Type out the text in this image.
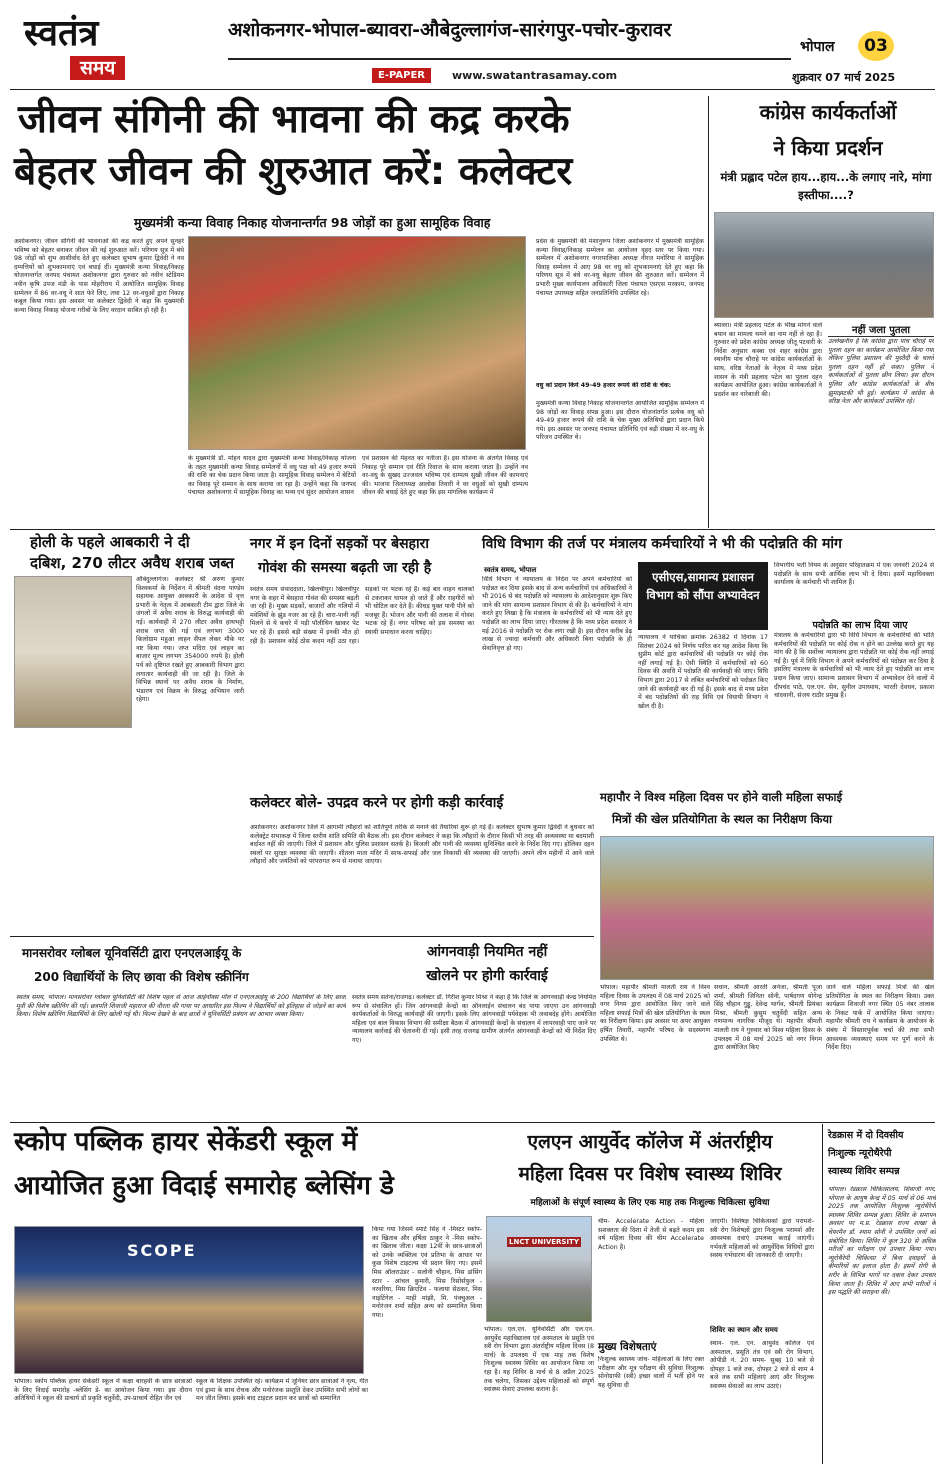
स्वतंत्र
समय
अशोकनगर-भोपाल-ब्यावरा-औबेदुल्लागंज-सारंगपुर-पचोर-कुरावर
E-PAPER	www.swatantrasamay.com
भोपाल	03
शुक्रवार 07 मार्च 2025
जीवन संगिनी की भावना की कद्र करके
बेहतर जीवन की शुरुआत करें: कलेक्टर
मुख्यमंत्री कन्या विवाह निकाह योजनान्तर्गत 98 जोड़ों का हुआ सामूहिक विवाह
अशोकनगर। जीवन संगिनी की भावनाओं की कद्र करते हुए अपने सुनहरे भविष्य को बेहतर बनाकर जीवन की नई शुरुआत करें। परिणय सूत्र में बंधे 98 जोड़ों को शुभ आशीर्वाद देते हुए कलेक्टर सुभाष कुमार द्विवेदी ने नव दम्पत्तियों को शुभकामनाएं एवं बधाई दीं। मुख्यमंत्री कन्या विवाह/निकाह योजनान्तर्गत जनपद पंचायत अशोकनगर द्वारा गुरुवार को नवीन स्टेडियम नवीन कृषि उपज मंडी के पास मोहरीराय में आयोजित सामूहिक विवाह सम्मेलन में 86 वर-वधू ने सात फेरे लिए, तथा 12 वर-वधुओं द्वारा निकाह कबूल किया गया। इस अवसर पर कलेक्टर द्विवेदी ने कहा कि मुख्यमंत्री कन्या विवाह निकाह योजना गरीबों के लिए वरदान साबित हो रही है।
के मुख्यमंत्री डॉ. मोहन यादव द्वारा मुख्यमंत्री कन्या विवाह/निकाह योजना के तहत मुख्यमंत्री कन्या विवाह सम्मेलनों में वधु पक्ष को 49 हजार रूपये की राशि का चेक प्रदान किया जाता है। सामूहिक विवाह सम्मेलन में बेटियों का विवाह पूरे सम्मान के साथ कराया जा रहा है। उन्होंने कहा कि जनपद पंचायत अशोकनगर में सामूहिक विवाह का भव्य एवं सुंदर आयोजन शासन
एवं प्रशासन की मेहनत का नतीजा है। इस योजना के अंतर्गत विवाह एवं निकाह पूरे सम्मान एवं रीति रिवाज के साथ कराया जाता है। उन्होंने नव वर-वधु के सुखद उज्जवल भविष्य एवं दाम्पत्य सुखी जीवन की कामनाएं की। भाजपा जिलाध्यक्ष आलोक तिवारी ने वर वधुओं को सुखी दाम्पत्य जीवन की बधाई देते हुए कहा कि इस मांगलिक कार्यक्रम में
प्रदेश के मुख्यमंत्री की मंशानुरूप जिला अशोकनगर में मुख्यमंत्री सामूहिक कन्या विवाह/निकाह सम्मेलन का आयोजन वृहद स्तर पर किया गया। सम्मेलन में अशोकनगर नगरपालिका अध्यक्ष नीरज मनोरिया ने सामूहिक विवाह सम्मेलन में आए 98 वर वधु को शुभकामनाएं देते हुए कहा कि परिणय सूत्र में बंधे वर-वधु बेहतर जीवन की शुरुआत करें। सम्मेलन में प्रभारी मुख्य कार्यपालन अधिकारी जिला पंचायत एसएस मरकाम, जनपद पंचायत उपाध्यक्ष सहित जनप्रतिनिधि उपस्थित रहे।
वधु को प्रदान किये 49-49 हजार रूपये की राशि के चेक:
मुख्यमंत्री कन्या विवाह निकाह योजनान्तर्गत आयोजित सामूहिक सम्मेलन में 98 जोड़ों का विवाह संपन्न हुआ। इस दौरान योजनांतर्गत प्रत्येक वधु को 49-49 हजार रूपये की राशि के चेक मुख्य अतिथियों द्वारा प्रदान किये गये। इस अवसर पर जनपद पंचायत प्रतिनिधि एवं बड़ी संख्या में वर-वधु के परिजन उपस्थित थे।
कांग्रेस कार्यकर्ताओं
ने किया प्रदर्शन
मंत्री प्रह्लाद पटेल हाय...हाय...के लगाए नारे, मांगा इस्तीफा....?
ब्यावरा। मंत्री प्रहलाद पटेल के भीख मांगने वाले बयान का मामला थमने का नाम नहीं ले रहा है। गुरुवार को प्रदेश कांग्रेस अध्यक्ष जीतू पटवारी के निर्देश अनुसार कस्बा एवं शहर कांग्रेस द्वारा स्थानीय पांच चौराहे पर कांग्रेस कार्यकर्ताओं के साथ, वरिष्ठ नेताओं के नेतृत्व में मध्य प्रदेश शासन के मंत्री प्रहलाद पटेल का पुतला दहन कार्यक्रम आयोजित हुआ। कांग्रेस कार्यकर्ताओं ने प्रदर्शन कर नारेबाजी की।
नहीं जला पुतला
उल्लेखनीय है कि कांग्रेस द्वारा पांच चौराहे पर पुतला दहन का कार्यक्रम आयोजित किया गया लेकिन पुलिस प्रशासन की मुस्तैदी के चलते पुतला दहन नहीं हो सका। पुलिस ने कार्यकर्ताओं से पुतला छीन लिया। इस दौरान पुलिस और कांग्रेस कार्यकर्ताओं के बीच झूमाझटकी भी हुई। कार्यक्रम में कांग्रेस के वरिष्ठ नेता और कार्यकर्ता उपस्थित रहे।
होली के पहले आबकारी ने दी
दबिश, 270 लीटर अवैध शराब जब्त
औबेदुल्लागंज। कलेक्टर श्री अरुण कुमार विश्वकर्मा के निर्देशन में श्रीमती वंदना पाण्डेय सहायक आयुक्त आबकारी के आदेश से वृत्त प्रभारी के नेतृत्व में आबकारी टीम द्वारा जिले के जंगलों में अवैध शराब के विरुद्ध कार्यवाही की गई। कार्यवाही में 270 लीटर अवैध हाथभट्टी शराब जप्त की गई एवं लगभग 3000 किलोग्राम महुआ लाहन सैंपल लेकर मौके पर नष्ट किया गया। जप्त मदिरा एवं लाहन का बाजार मूल्य लगभग 354000 रुपये है। होली पर्व को दृष्टिगत रखते हुए आबकारी विभाग द्वारा लगातार कार्यवाही की जा रही है। जिले के विभिन्न स्थानों पर अवैध शराब के निर्माण, भंडारण एवं विक्रय के विरुद्ध अभियान जारी रहेगा।
नगर में इन दिनों सड़कों पर बेसहारा
गोवंश की समस्या बढ़ती जा रही है
स्वतंत्र समय संवाददाता, खिलचीपुर। खिलचीपुर नगर के शहर में बेसहारा गोवंश की समस्या बढ़ती जा रही है। मुख्य सड़कों, बाजारों और गलियों में मवेशियों के झुंड नजर आ रहे हैं। चारा-पानी नहीं मिलने से ये कचरे में पड़ी पॉलीथिन खाकर पेट भर रहे हैं। इससे बड़ी संख्या में इनकी मौत हो रही है। प्रशासन कोई ठोस कदम नहीं उठा रहा। सड़कों पर भटक रहे हैं। कई बार वाहन चालकों से टकराकर घायल हो जाते हैं और राहगीरों को भी चोटिल कर देते हैं। कीचड़ युक्त पानी पीने को मजबूर हैं। भोजन और पानी की तलाश में गोवंश भटक रहे हैं। नगर परिषद को इस समस्या का स्थायी समाधान करना चाहिए।
विधि विभाग की तर्ज पर मंत्रालय कर्मचारियों ने भी की पदोन्नति की मांग
स्वतंत्र समय, भोपाल
विधि विभाग ने न्यायालय के निर्देश पर अपने कर्मचारियों को पदोन्नत कर दिया इसके बाद से अन्य कर्मचारियों एवं अधिकारियों ने भी 2016 से बंद पदोन्नति को न्यायालय के आदेशानुसार शुरू किए जाने की मांग सामान्य प्रशासन विभाग से की है। कर्मचारियों ने मांग करते हुए लिखा है कि मंत्रालय के कर्मचारियों को भी न्याय देते हुए पदोन्नति का लाभ दिया जाए। गौरतलब है कि मध्य प्रदेश सरकार ने मई 2016 से पदोन्नति पर रोक लगा रखी है। इस दौरान करीब डेढ़ लाख से ज्यादा कर्मचारी और अधिकारी बिना पदोन्नति के ही सेवानिवृत्त हो गए।
एसीएस,सामान्य प्रशासन विभाग को सौंपा अभ्यावेदन
न्यायालय ने याचिका क्रमांक 26382 में दिनांक 17 सितंबर 2024 को निर्णय पारित कर यह आदेश किया कि सुप्रीम कोर्ट द्वारा कर्मचारियों की पदोन्नति पर कोई रोक नहीं लगाई गई है। ऐसी स्थिति में कर्मचारियों को 60 दिवस की अवधि में पदोन्नति की कार्यवाही की जाए। विधि विभाग द्वारा 2017 से लंबित कर्मचारियों को पदोन्नत किए जाने की कार्यवाही कर दी गई है। इसके बाद से मध्य प्रदेश में बंद पदोन्नतियों की राह विधि एवं विधायी विभाग ने खोल दी है।
विभागीय भर्ती नियम के अनुसार परिहातक्रम में एक जनवरी 2024 से पदोन्नति के साथ सभी आर्थिक लाभ भी दे दिया। इसमें महाधिवक्ता कार्यालय के कर्मचारी भी शामिल हैं।
पदोन्नति का लाभ दिया जाए
मंत्रालय के कर्मचारियों द्वारा भी विधि विभाग के कर्मचारियों की भांति कर्मचारियों की पदोन्नति पर कोई रोक न होने का उल्लेख करते हुए यह मांग की है कि सर्वोच्च न्यायालय द्वारा पदोन्नति पर कोई रोक नहीं लगाई गई है। पूर्व में विधि विभाग ने अपने कर्मचारियों को पदोन्नत कर दिया है इसलिए मंत्रालय के कर्मचारियों को भी न्याय देते हुए पदोन्नति का लाभ प्रदान किया जाए। सामान्य प्रशासन विभाग में अभ्यावेदन देने वालों में दीपचंद पाठे, एल.एन. सेन, सुनील उपाध्याय, भारती देवधन, प्रकाश चांदवानी, संजय राठौर प्रमुख हैं।
कलेक्टर बोले- उपद्रव करने पर होगी कड़ी कार्रवाई
अशोकनगर। अशोकनगर जिले में आगामी त्यौहारों को शांतिपूर्ण तरीके से मनाने की तैयारियां शुरू हो गई हैं। कलेक्टर सुभाष कुमार द्विवेदी ने बुधवार को कलेक्ट्रेट सभाकक्ष में जिला स्तरीय शांति समिति की बैठक ली। इस दौरान कलेक्टर ने कहा कि त्यौहारों के दौरान किसी भी तरह की अव्यवस्था या बदमाशी बर्दाश्त नहीं की जाएगी। जिले में प्रशासन और पुलिस प्रशासन सतर्क है। बिजली और पानी की व्यवस्था सुनिश्चित करने के निर्देश दिए गए। होलिका दहन स्थलों पर सुरक्षा व्यवस्था की जाएगी। शीतला माता मंदिर में साफ-सफाई और जल निकासी की व्यवस्था की जाएगी। अपने लीन महीनों में आने वाले त्यौहारों और जयंतियों को परंपरागत रूप से मनाया जाएगा।
महापौर ने विश्व महिला दिवस पर होने वाली महिला सफाई
मित्रों की खेल प्रतियोगिता के स्थल का निरीक्षण किया
भोपाल। महापौर श्रीमती मालती राय ने विश्व महिला दिवस के उपलक्ष्य में 08 मार्च 2025 को नगर निगम द्वारा आयोजित किए जाने वाले महिला सफाई मित्रों की खेल प्रतियोगिता के स्थल का निरीक्षण किया। इस अवसर पर अपर आयुक्त हर्षित तिवारी, महापौर परिषद के सदस्यगण उपस्थित थे।
सचान, श्रीमती आरती अनेजा, श्रीमती पूजा शर्मा, श्रीमती जिनिता सोनी, पार्षदगण योगेन्द्र सिंह चौहान गुड्डू, देवेन्द्र भार्गव, श्रीमती प्रियंका मिश्रा, श्रीमती कुसुम चतुर्वेदी सहित अन्य गणमान्य नागरिक मौजूद थे। महापौर श्रीमती मालती राय ने गुरुवार को विश्व महिला दिवस के उपलक्ष्य में 08 मार्च 2025 को नगर निगम द्वारा आयोजित किए
जाने वाले महिला सफाई मित्रों की खेल प्रतियोगिता के स्थल का निरीक्षण किया। उक्त कार्यक्रम शिवाजी नगर स्थित 05 नंबर तालाब के निकट पार्क में आयोजित किया जाएगा। महापौर श्रीमती राय ने कार्यक्रम के आयोजन के संबंध में विस्तारपूर्वक चर्चा की तथा सभी आवश्यक व्यवस्थाएं समय पर पूर्ण करने के निर्देश दिए।
मानसरोवर ग्लोबल यूनिवर्सिटी द्वारा एनएलआईयू के
200 विद्यार्थियों के लिए छावा की विशेष स्क्रीनिंग
स्वतंत्र समय, भोपाल। मानसरोवर ग्लोबल यूनिवर्सिटी की विशेष पहल से आज आईनॉक्स मॉल में एनएलआईयू के 200 विद्यार्थियों के लिए छावा मूवी की विशेष स्क्रीनिंग की गई। छत्रपति शिवाजी महाराज की वीरता की गाथा पर आधारित इस फिल्म ने विद्यार्थियों को इतिहास से जोड़ने का कार्य किया। विशेष स्क्रीनिंग विद्यार्थियों के लिए खोली गई थी। फिल्म देखने के बाद छात्रों ने यूनिवर्सिटी प्रबंधन का आभार व्यक्त किया।
आंगनवाड़ी नियमित नहीं
खोलने पर होगी कार्रवाई
स्वतंत्र समय सतेना/राजगढ़। कलेक्टर डॉ. गिरीश कुमार मिश्रा ने कहा है कि जिले के आंगनवाड़ी केन्द्र नियमित रूप से संचालित हों। जिन आंगनवाड़ी केन्द्रों का ऑनलाईन संचालन बंद पाया जाएगा उन आंगनवाड़ी कार्यकर्ताओं के विरुद्ध कार्यवाही की जाएगी। इसके लिए आंगनवाड़ी पर्यवेक्षक भी जवाबदेह होंगे। आयोजित महिला एवं बाल विकास विभाग की समीक्षा बैठक में आंगनवाड़ी केन्द्रों के संचालन में लापरवाही पाए जाने पर न्यायालय कार्रवाई की चेतावनी दी गई। इसी तरह राजगढ़ ग्रामीण अंतर्गत आंगनवाड़ी केन्द्रों को भी निर्देश दिए गए।
स्कोप पब्लिक हायर सेकेंडरी स्कूल में
आयोजित हुआ विदाई समारोह ब्लेसिंग डे
SCOPE
भोपाल। स्कोप पब्लिक हायर सेकेंडरी स्कूल में कक्षा बारहवीं के छात्र छात्राओं के लिए विदाई समारोह -ब्लेसिंग डे- का आयोजन किया गया। इस दौरान अतिथियों ने स्कूल की प्राचार्य डॉ प्रकृति चतुर्वेदी, उप-प्राचार्य रोहित जैन एवं
स्कूल के शिक्षक उपस्थित रहे। कार्यक्रम में जूनियर छात्र छात्राओं ने नृत्य, गीत एवं ड्रामा के साथ रोचक और मनोरंजक प्रस्तुति देकर उपस्थित सभी लोगों का मन जीत लिया। इसके बाद टाइटल प्रदान कर छात्रों को सम्मानित
किया गया जिसमें स्मार्ट सिंह ने -मिस्टर स्कोप- का खिताब और हर्षिता ठाकुर ने -मिस स्कोप- का खिताब जीता। कक्षा 12वीं के छात्र-छात्राओं को उनके व्यक्तित्व एवं प्रतिभा के आधार पर कुछ विशेष टाइटल्स भी प्रदान किए गए। इसमें मिस ऑलराउंडर - सलोनी चौहान, मिस डांसिंग स्टार - आंचल कुमारी, मिस रिसोर्सफुल - नरवरिया, मिस क्रिएटिव - फलाया सेठकर, मिस नाइटिंगेल - माही मांझी, मि. पंक्चुअल - मनोरंजन शर्मा सहित अन्य को सम्मानित किया गया।
एलएन आयुर्वेद कॉलेज में अंतर्राष्ट्रीय
महिला दिवस पर विशेष स्वास्थ्य शिविर
महिलाओं के संपूर्ण स्वास्थ्य के लिए एक माह तक निःशुल्क चिकित्सा सुविधा
LNCT UNIVERSITY
भोपाल। एल.एन. यूनिवर्सिटी और एल.एन. आयुर्वेद महाविद्यालय एवं अस्पताल के प्रसूति एवं स्त्री रोग विभाग द्वारा अंतर्राष्ट्रीय महिला दिवस (8 मार्च) के उपलक्ष्य में एक माह तक विशेष निःशुल्क स्वास्थ्य शिविर का आयोजन किया जा रहा है। यह शिविर 8 मार्च से 8 अप्रैल 2025 तक चलेगा, जिसका उद्देश्य महिलाओं को संपूर्ण स्वास्थ्य सेवाएं उपलब्ध कराना है।
थीम- Accelerate Action - महिला सशक्तता की दिशा में तेजी से बढ़ते कदम इस वर्ष महिला दिवस की थीम Accelerate Action है।
मुख्य विशेषताएं
निःशुल्क स्वास्थ्य जांच- महिलाओं के लिए रक्त परीक्षण और मूत्र परीक्षण की सुविधा निःशुल्क सोनोग्राफी (स्त्री) इच्छा वालों में भर्ती होने पर यह सुविधा दी
जाएगी। विशेषज्ञ चिकित्सकों द्वारा परामर्श- स्त्री रोग विशेषज्ञों द्वारा निःशुल्क परामर्श और आवश्यक दवाएं उपलब्ध कराई जाएंगी। गर्भवती महिलाओं को आयुर्वेदिक विधियों द्वारा स्वस्थ गर्भधारण की जानकारी दी जाएगी।
शिविर का स्थान और समय
स्थान- एल. एन. आयुर्वेद कॉलेज एवं अस्पताल, प्रसूति तंत्र एवं स्त्री रोग विभाग, ओपीडी नं. 20 समय- सुबह 10 बजे से दोपहर 1 बजे तक, दोपहर 2 बजे से शाम 4 बजे तक सभी महिलाएं आएं और निःशुल्क स्वास्थ्य सेवाओं का लाभ उठाएं।
रेडक्रास में दो दिवसीय
निःशुल्क न्यूरोथैरेपी
स्वास्थ्य शिविर सम्पन्न
भोपाल। रेडक्रास चिकित्सालय, शिवाजी नगर, भोपाल के आयुष केन्द्र में 05 मार्च से 06 मार्च 2025 तक आयोजित निःशुल्क न्यूरोथैरेपी स्वास्थ्य शिविर सम्पन्न हुआ। शिविर के समापन अवसर पर म.प्र. रेडक्रास राज्य शाखा के चेयरमैन डॉ. श्याम सोनी ने उपस्थित जनों को संबोधित किया। शिविर में कुल 320 से अधिक मरीजों का परीक्षण एवं उपचार किया गया। न्यूरोथैरेपी चिकित्सा में बिना दवाइयों के बीमारियों का इलाज होता है। इसमें रोगी के शरीर के विभिन्न भागों पर दबाव देकर उपचार किया जाता है। शिविर में आए सभी मरीजों ने इस पद्धति की सराहना की।
